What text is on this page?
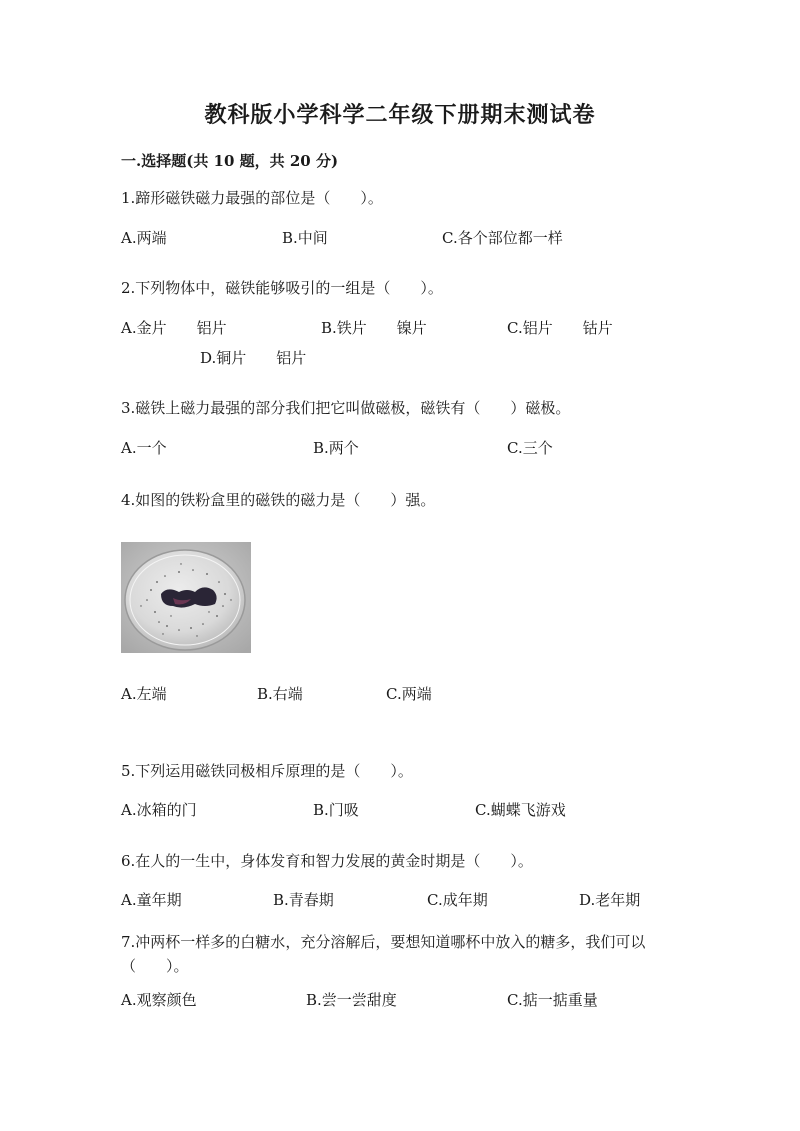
教科版小学科学二年级下册期末测试卷
一.选择题(共 10 题，共 20 分)
1.蹄形磁铁磁力最强的部位是（　　）。
A.两端	B.中间	C.各个部位都一样
2.下列物体中，磁铁能够吸引的一组是（　　）。
A.金片　　铝片	B.铁片　　镍片	C.铝片　　钴片
D.铜片　　铝片
3.磁铁上磁力最强的部分我们把它叫做磁极，磁铁有（　　）磁极。
A.一个	B.两个	C.三个
4.如图的铁粉盒里的磁铁的磁力是（　　）强。
A.左端	B.右端	C.两端
5.下列运用磁铁同极相斥原理的是（　　）。
A.冰箱的门	B.门吸	C.蝴蝶飞游戏
6.在人的一生中，身体发育和智力发展的黄金时期是（　　）。
A.童年期	B.青春期	C.成年期	D.老年期
7.冲两杯一样多的白糖水，充分溶解后，要想知道哪杯中放入的糖多，我们可以（　　）。
A.观察颜色	B.尝一尝甜度	C.掂一掂重量
